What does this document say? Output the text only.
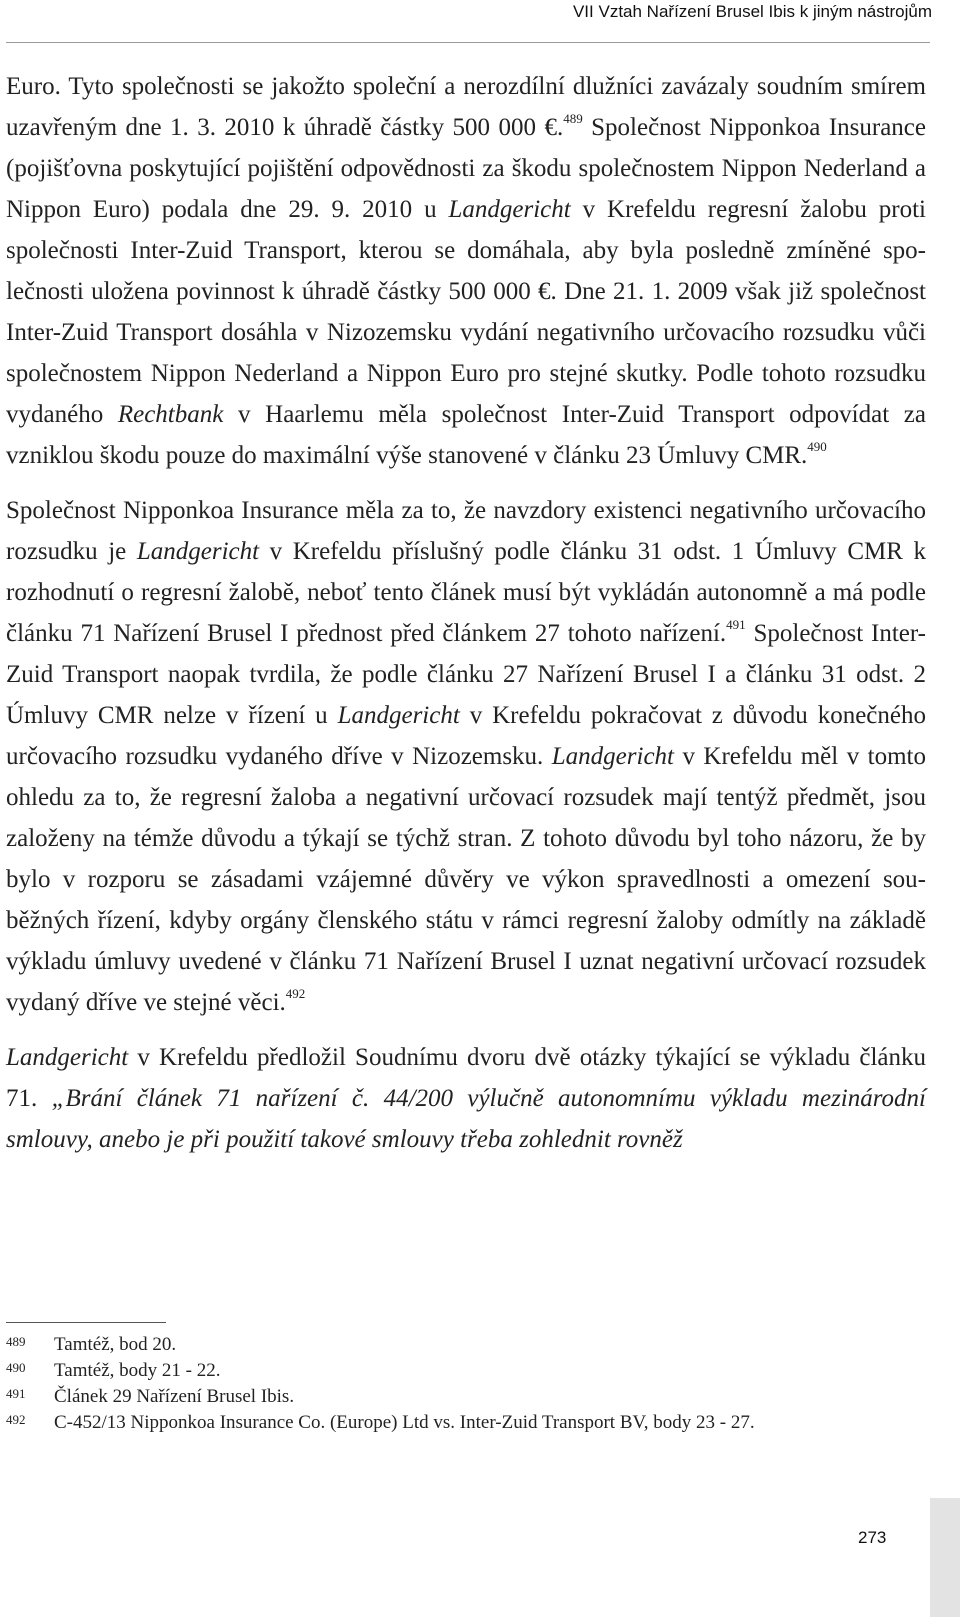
VII Vztah Nařízení Brusel Ibis k jiným nástrojům

Euro. Tyto společnosti se jakožto společní a nerozdílní dlužníci zavázaly soudním smírem uzavřeným dne 1. 3. 2010 k úhradě částky 500 000 €.$^{489}$ Společnost Nipponkoa Insurance (pojišťovna poskytující pojištění odpovědnosti za škodu společnostem Nippon Nederland a Nippon Euro) podala dne 29. 9. 2010 u Landgericht v Krefeldu regresní žalobu proti společnosti Inter-Zuid Transport, kterou se domáhala, aby byla posledně zmíněné společnosti uložena povinnost k úhradě částky 500 000 €. Dne 21. 1. 2009 však již společnost Inter-Zuid Transport dosáhla v Nizozemsku vydání negativního určovacího rozsudku vůči společnostem Nippon Nederland a Nippon Euro pro stejné skutky. Podle tohoto rozsudku vydaného Rechtbank v Haarlemu měla společnost Inter-Zuid Transport odpovídat za vzniklou škodu pouze do maximální výše stanovené v článku 23 Úmluvy CMR.$^{490}$

Společnost Nipponkoa Insurance měla za to, že navzdory existenci negativního určovacího rozsudku je Landgericht v Krefeldu příslušný podle článku 31 odst. 1 Úmluvy CMR k rozhodnutí o regresní žalobě, neboť tento článek musí být vykládán autonomně a má podle článku 71 Nařízení Brusel I přednost před článkem 27 tohoto nařízení.$^{491}$ Společnost Inter-Zuid Transport naopak tvrdila, že podle článku 27 Nařízení Brusel I a článku 31 odst. 2 Úmluvy CMR nelze v řízení u Landgericht v Krefeldu pokračovat z důvodu konečného určovacího rozsudku vydaného dříve v Nizozemsku. Landgericht v Krefeldu měl v tomto ohledu za to, že regresní žaloba a negativní určovací rozsudek mají tentýž předmět, jsou založeny na témže důvodu a týkají se týchž stran. Z tohoto důvodu byl toho názoru, že by bylo v rozporu se zásadami vzájemné důvěry ve výkon spravedlnosti a omezení souběžných řízení, kdyby orgány členského státu v rámci regresní žaloby odmítly na základě výkladu úmluvy uvedené v článku 71 Nařízení Brusel I uznat negativní určovací rozsudek vydaný dříve ve stejné věci.$^{492}$

Landgericht v Krefeldu předložil Soudnímu dvoru dvě otázky týkající se výkladu článku 71. „Brání článek 71 nařízení č. 44/200 výlučně autonomnímu výkladu mezinárodní smlouvy, anebo je při použití takové smlouvy třeba zohlednit rovněž

489	Tamtéž, bod 20.
490	Tamtéž, body 21 - 22.
491	Článek 29 Nařízení Brusel Ibis.
492	C-452/13 Nipponkoa Insurance Co. (Europe) Ltd vs. Inter-Zuid Transport BV, body 23 - 27.
273
